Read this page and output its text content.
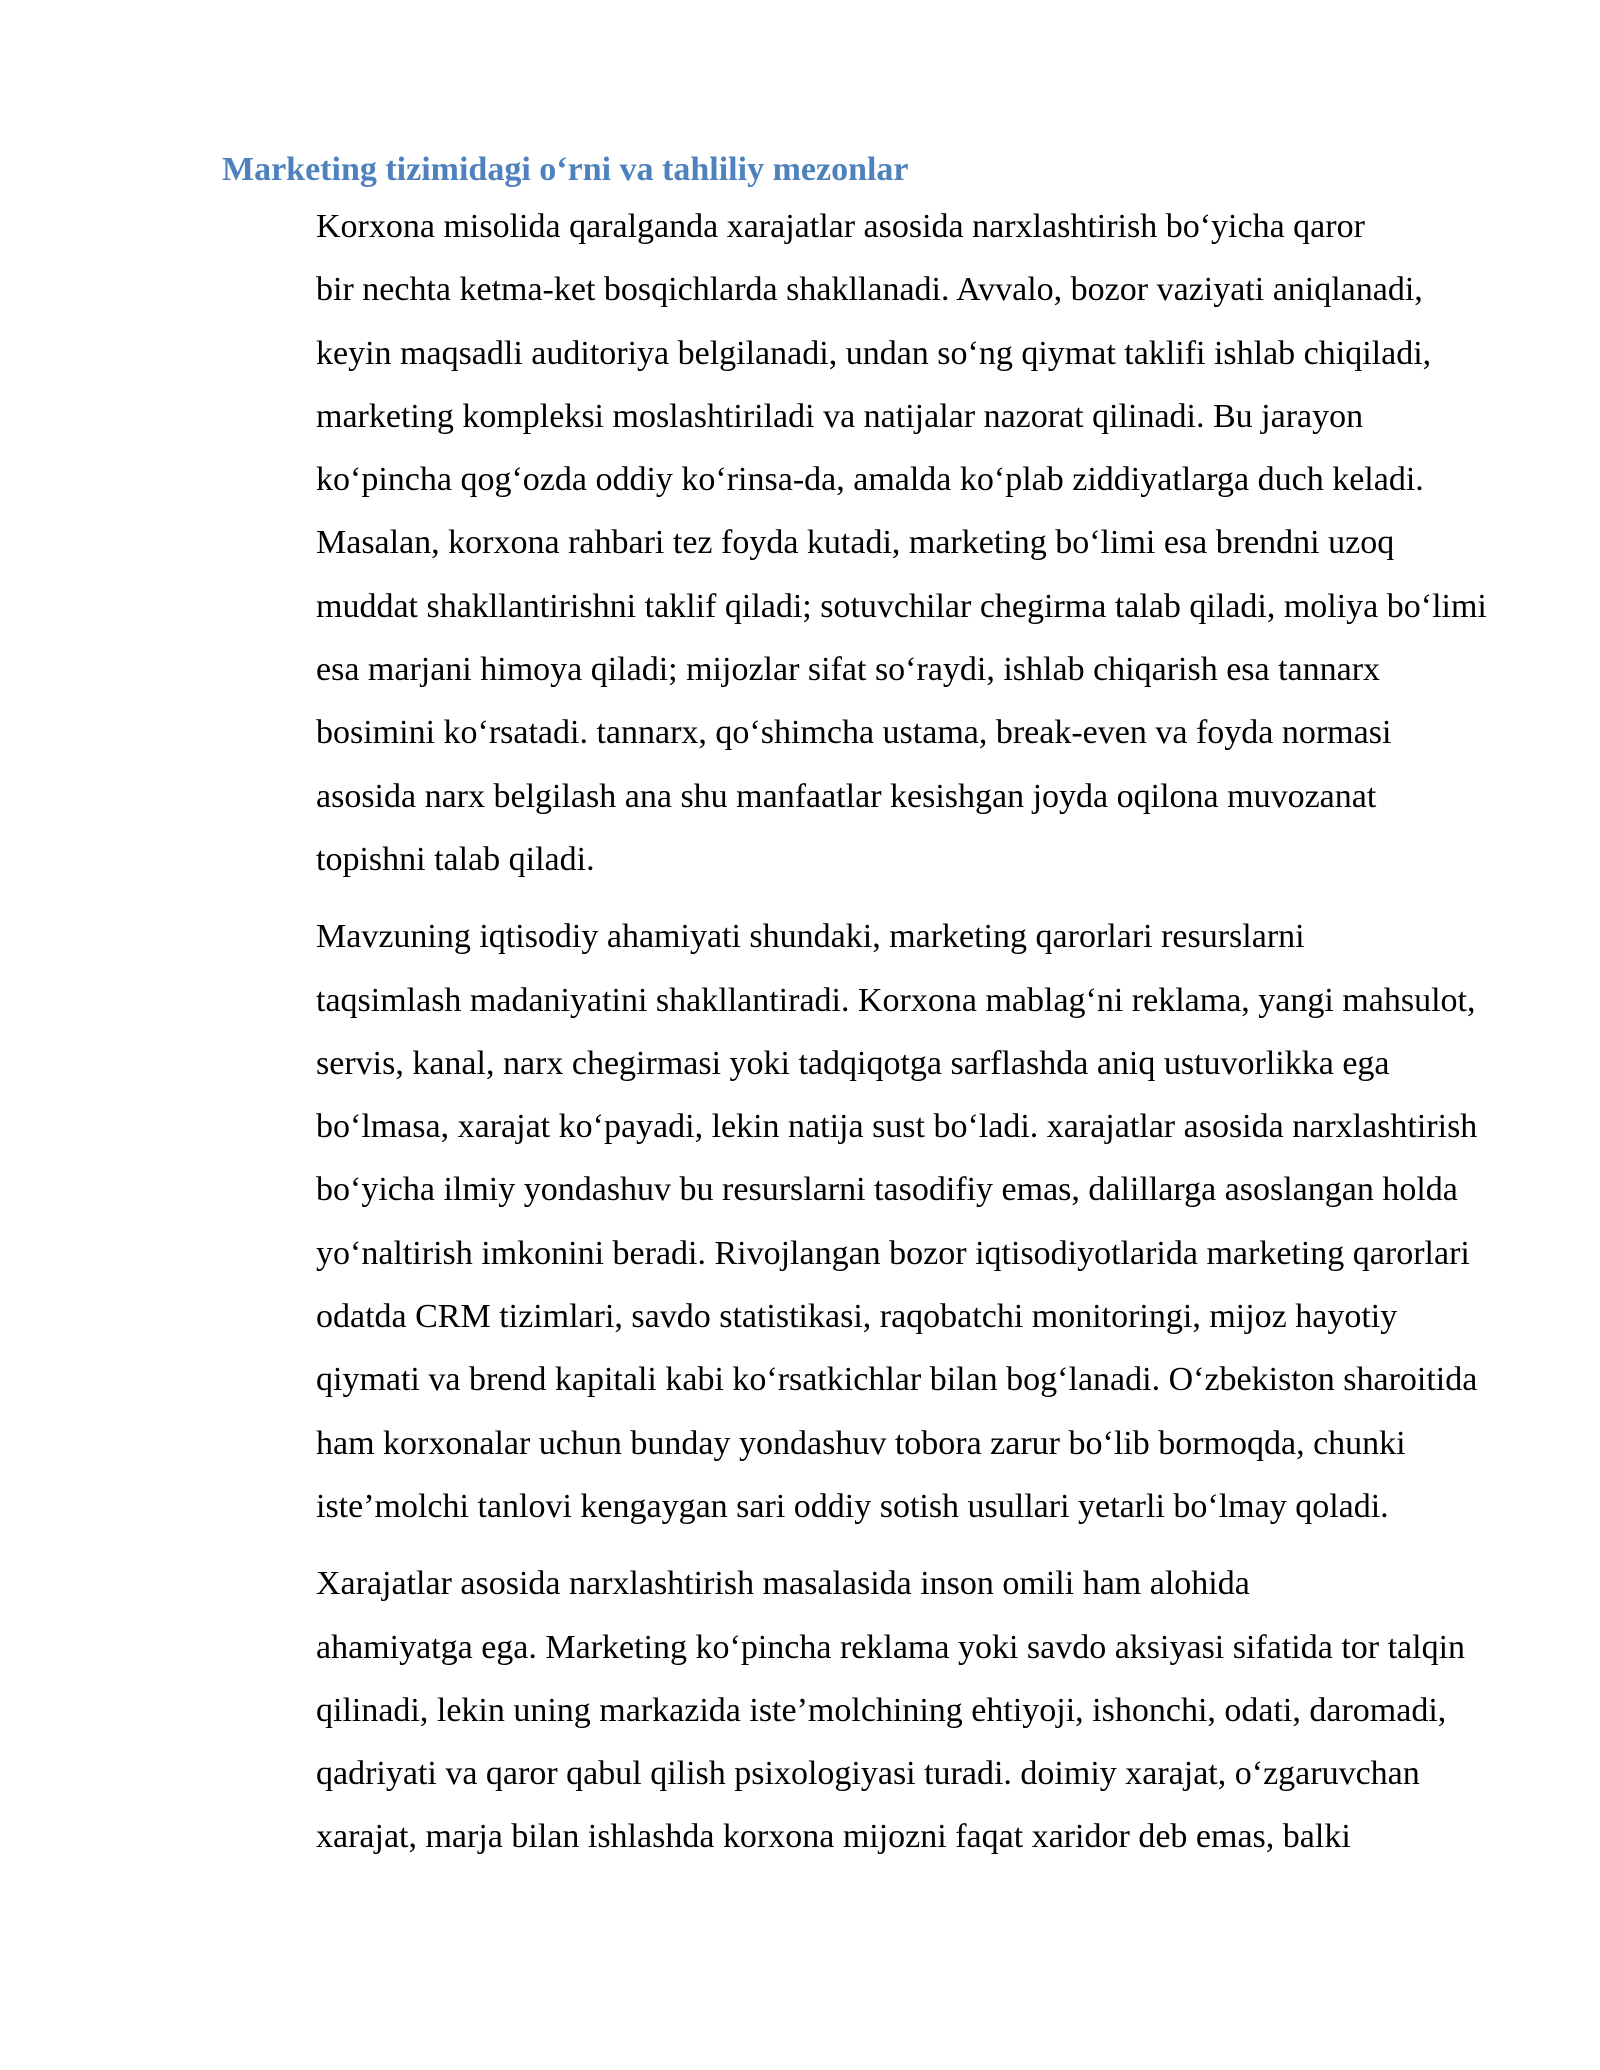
Marketing tizimidagi o‘rni va tahliliy mezonlar

Korxona misolida qaralganda xarajatlar asosida narxlashtirish bo‘yicha qaror
bir nechta ketma-ket bosqichlarda shakllanadi. Avvalo, bozor vaziyati aniqlanadi,
keyin maqsadli auditoriya belgilanadi, undan so‘ng qiymat taklifi ishlab chiqiladi,
marketing kompleksi moslashtiriladi va natijalar nazorat qilinadi. Bu jarayon
ko‘pincha qog‘ozda oddiy ko‘rinsa-da, amalda ko‘plab ziddiyatlarga duch keladi.
Masalan, korxona rahbari tez foyda kutadi, marketing bo‘limi esa brendni uzoq
muddat shakllantirishni taklif qiladi; sotuvchilar chegirma talab qiladi, moliya bo‘limi
esa marjani himoya qiladi; mijozlar sifat so‘raydi, ishlab chiqarish esa tannarx
bosimini ko‘rsatadi. tannarx, qo‘shimcha ustama, break-even va foyda normasi
asosida narx belgilash ana shu manfaatlar kesishgan joyda oqilona muvozanat
topishni talab qiladi.

Mavzuning iqtisodiy ahamiyati shundaki, marketing qarorlari resurslarni
taqsimlash madaniyatini shakllantiradi. Korxona mablag‘ni reklama, yangi mahsulot,
servis, kanal, narx chegirmasi yoki tadqiqotga sarflashda aniq ustuvorlikka ega
bo‘lmasa, xarajat ko‘payadi, lekin natija sust bo‘ladi. xarajatlar asosida narxlashtirish
bo‘yicha ilmiy yondashuv bu resurslarni tasodifiy emas, dalillarga asoslangan holda
yo‘naltirish imkonini beradi. Rivojlangan bozor iqtisodiyotlarida marketing qarorlari
odatda CRM tizimlari, savdo statistikasi, raqobatchi monitoringi, mijoz hayotiy
qiymati va brend kapitali kabi ko‘rsatkichlar bilan bog‘lanadi. O‘zbekiston sharoitida
ham korxonalar uchun bunday yondashuv tobora zarur bo‘lib bormoqda, chunki
iste’molchi tanlovi kengaygan sari oddiy sotish usullari yetarli bo‘lmay qoladi.

Xarajatlar asosida narxlashtirish masalasida inson omili ham alohida
ahamiyatga ega. Marketing ko‘pincha reklama yoki savdo aksiyasi sifatida tor talqin
qilinadi, lekin uning markazida iste’molchining ehtiyoji, ishonchi, odati, daromadi,
qadriyati va qaror qabul qilish psixologiyasi turadi. doimiy xarajat, o‘zgaruvchan
xarajat, marja bilan ishlashda korxona mijozni faqat xaridor deb emas, balki
